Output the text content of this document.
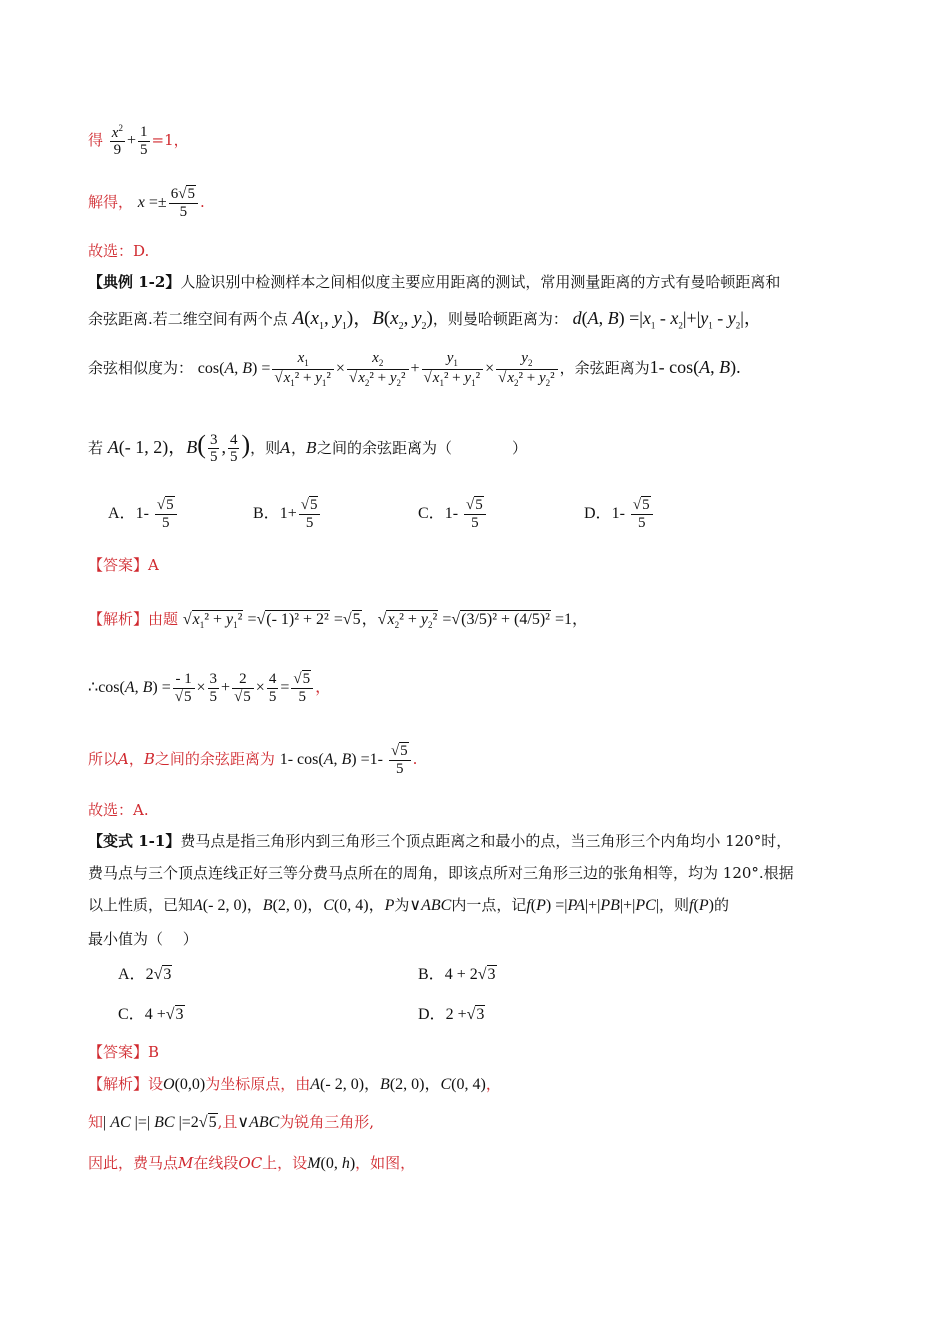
得 $\frac{x^2}{9} + \frac{1}{5} =1$，
解得， $x =\pm \frac{6√5}{5}$ .
故选：D.
【典例 1-2】人脸识别中检测样本之间相似度主要应用距离的测试，常用测量距离的方式有曼哈顿距离和
余弦距离.若二维空间有两个点 $A(x_1$, $y_1$)，$B(x_2$, $y_2$)，则曼哈顿距离为： d(A, $B) =|x_1 - x_2|+|y_1 - y_2|$，
余弦相似度为： cos(A, $B) = \frac{x_1}{√x_1^2 + y_1^2} \times \frac{x_2}{√x_2^2 + y_2^2} + \frac{y_1}{√x_1^2 + y_1^2} \times \frac{y_2}{√x_2^2 + y_2^2}$ ，余弦距离为1- cos(A, B).
若 A(- 1, 2)，$B( \frac{3}{5}$ , $\frac{4}{5}$ )，则A，B之间的余弦距离为（　　　　）
A．$1- \frac{√5}{5}$	B．$1+ \frac{√5}{5}$	C．$1- \frac{√5}{5}$	D．$1- \frac{√5}{5}$
【答案】A
【解析】由题 $√x_1^2 + y_1^2$ =√(- 1)² + 2² =√5，$√x_2^2 + y_2^2 =√(3/5)^2 + (4/5)^2 =1$，
∴cos(A, $B) = \frac{- 1}{√5} \times \frac{3}{5} + \frac{2}{√5} \times \frac{4}{5} = \frac{√5}{5}$ ，
所以A，B之间的余弦距离为 1- cos(A, $B) =1- \frac{√5}{5}$ .
故选：A.
【变式 1-1】费马点是指三角形内到三角形三个顶点距离之和最小的点，当三角形三个内角均小 120°时，
费马点与三个顶点连线正好三等分费马点所在的周角，即该点所对三角形三边的张角相等，均为 120°.根据
以上性质，已知A(- 2, 0)，B(2, 0)，C(0, 4)，P为∨ABC内一点，记f(P) =|PA|+|PB|+|PC|，则f(P)的
最小值为（　 ）
A．2√3	B．4 + 2√3
C．4 +√3	D．2 +√3
【答案】B
【解析】设O(0,0)为坐标原点，由A(- 2, 0)，B(2, 0)，C(0, 4)，
知| AC |=| BC |=2√5,且∨ABC为锐角三角形,
因此，费马点M在线段OC上，设M(0, h)，如图，
